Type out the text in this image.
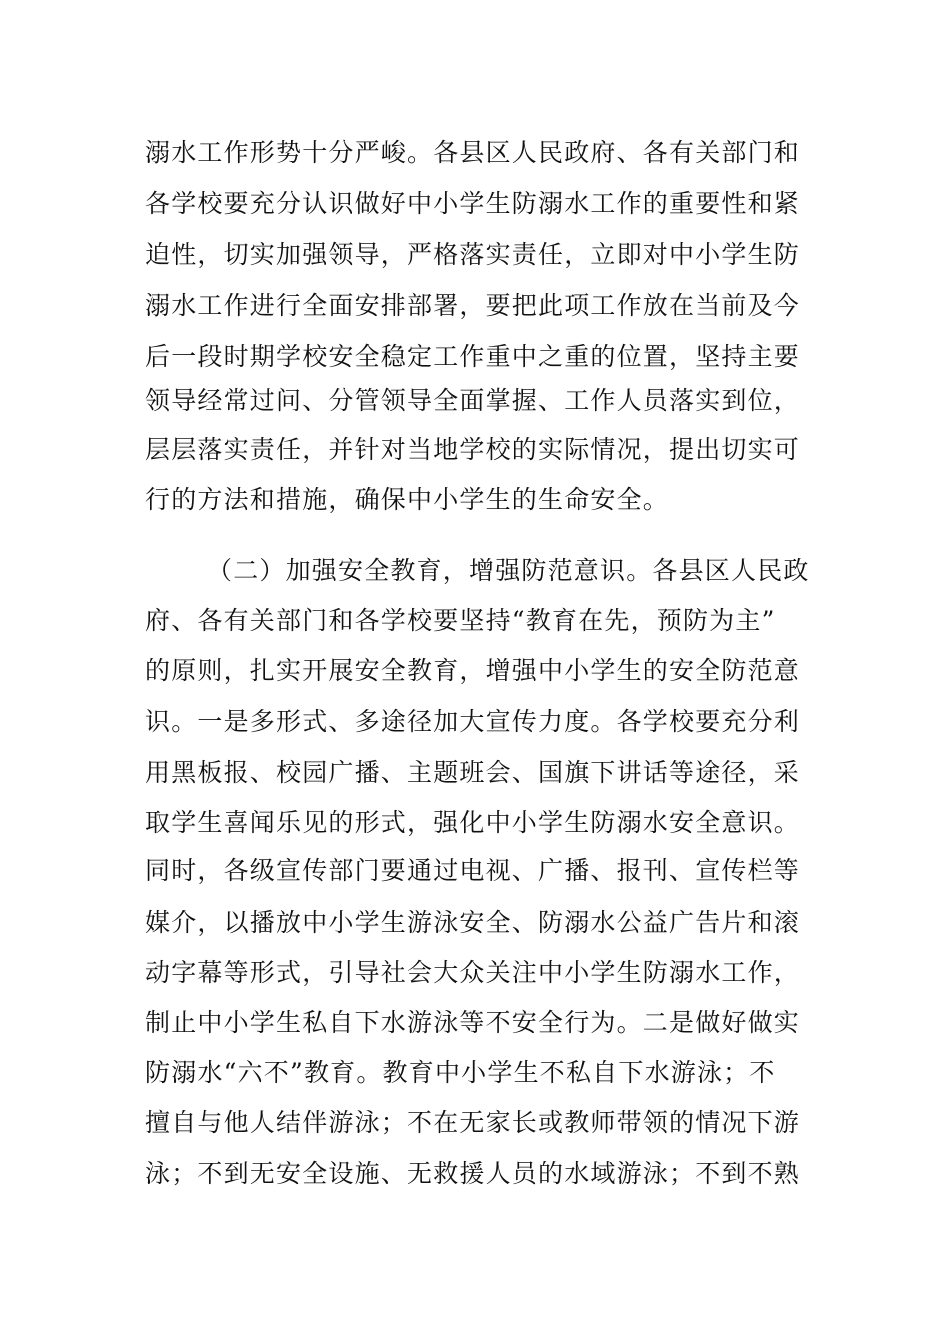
溺水工作形势十分严峻。各县区人民政府、各有关部门和
各学校要充分认识做好中小学生防溺水工作的重要性和紧
迫性，切实加强领导，严格落实责任，立即对中小学生防
溺水工作进行全面安排部署，要把此项工作放在当前及今
后一段时期学校安全稳定工作重中之重的位置，坚持主要
领导经常过问、分管领导全面掌握、工作人员落实到位，
层层落实责任，并针对当地学校的实际情况，提出切实可
行的方法和措施，确保中小学生的生命安全。
（二）加强安全教育，增强防范意识。各县区人民政
府、各有关部门和各学校要坚持“教育在先，预防为主”
的原则，扎实开展安全教育，增强中小学生的安全防范意
识。一是多形式、多途径加大宣传力度。各学校要充分利
用黑板报、校园广播、主题班会、国旗下讲话等途径，采
取学生喜闻乐见的形式，强化中小学生防溺水安全意识。
同时，各级宣传部门要通过电视、广播、报刊、宣传栏等
媒介，以播放中小学生游泳安全、防溺水公益广告片和滚
动字幕等形式，引导社会大众关注中小学生防溺水工作，
制止中小学生私自下水游泳等不安全行为。二是做好做实
防溺水“六不”教育。教育中小学生不私自下水游泳；不
擅自与他人结伴游泳；不在无家长或教师带领的情况下游
泳；不到无安全设施、无救援人员的水域游泳；不到不熟
